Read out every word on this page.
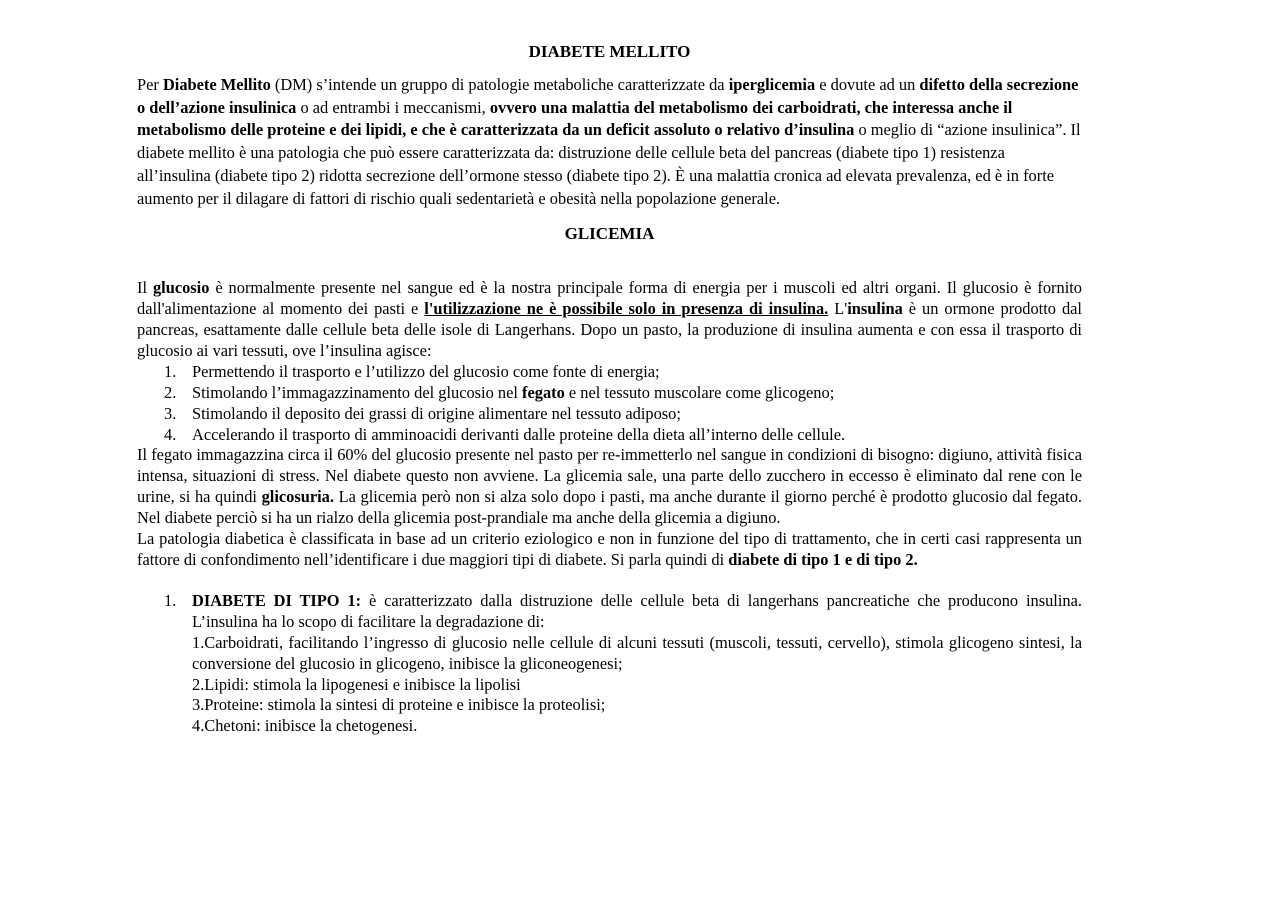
DIABETE MELLITO

Per Diabete Mellito (DM) s’intende un gruppo di patologie metaboliche caratterizzate da iperglicemia e dovute ad un difetto della secrezione o dell’azione insulinica o ad entrambi i meccanismi, ovvero una malattia del metabolismo dei carboidrati, che interessa anche il metabolismo delle proteine e dei lipidi, e che è caratterizzata da un deficit assoluto o relativo d’insulina o meglio di “azione insulinica”. Il diabete mellito è una patologia che può essere caratterizzata da: distruzione delle cellule beta del pancreas (diabete tipo 1) resistenza all’insulina (diabete tipo 2) ridotta secrezione dell’ormone stesso (diabete tipo 2). È una malattia cronica ad elevata prevalenza, ed è in forte aumento per il dilagare di fattori di rischio quali sedentarietà e obesità nella popolazione generale.

GLICEMIA

Il glucosio è normalmente presente nel sangue ed è la nostra principale forma di energia per i muscoli ed altri organi. Il glucosio è fornito dall'alimentazione al momento dei pasti e l'utilizzazione ne è possibile solo in presenza di insulina. L'insulina è un ormone prodotto dal pancreas, esattamente dalle cellule beta delle isole di Langerhans. Dopo un pasto, la produzione di insulina aumenta e con essa il trasporto di glucosio ai vari tessuti, ove l’insulina agisce:

1. Permettendo il trasporto e l’utilizzo del glucosio come fonte di energia;
2. Stimolando l’immagazzinamento del glucosio nel fegato e nel tessuto muscolare come glicogeno;
3. Stimolando il deposito dei grassi di origine alimentare nel tessuto adiposo;
4. Accelerando il trasporto di amminoacidi derivanti dalle proteine della dieta all’interno delle cellule.

Il fegato immagazzina circa il 60% del glucosio presente nel pasto per re-immetterlo nel sangue in condizioni di bisogno: digiuno, attività fisica intensa, situazioni di stress. Nel diabete questo non avviene. La glicemia sale, una parte dello zucchero in eccesso è eliminato dal rene con le urine, si ha quindi glicosuria. La glicemia però non si alza solo dopo i pasti, ma anche durante il giorno perché è prodotto glucosio dal fegato. Nel diabete perciò si ha un rialzo della glicemia post-prandiale ma anche della glicemia a digiuno.

La patologia diabetica è classificata in base ad un criterio eziologico e non in funzione del tipo di trattamento, che in certi casi rappresenta un fattore di confondimento nell’identificare i due maggiori tipi di diabete. Si parla quindi di diabete di tipo 1 e di tipo 2.

1. DIABETE DI TIPO 1: è caratterizzato dalla distruzione delle cellule beta di langerhans pancreatiche che producono insulina. L’insulina ha lo scopo di facilitare la degradazione di:

1.Carboidrati, facilitando l’ingresso di glucosio nelle cellule di alcuni tessuti (muscoli, tessuti, cervello), stimola glicogeno sintesi, la conversione del glucosio in glicogeno, inibisce la gliconeogenesi;

2.Lipidi: stimola la lipogenesi e inibisce la lipolisi

3.Proteine: stimola la sintesi di proteine e inibisce la proteolisi;

4.Chetoni: inibisce la chetogenesi.
